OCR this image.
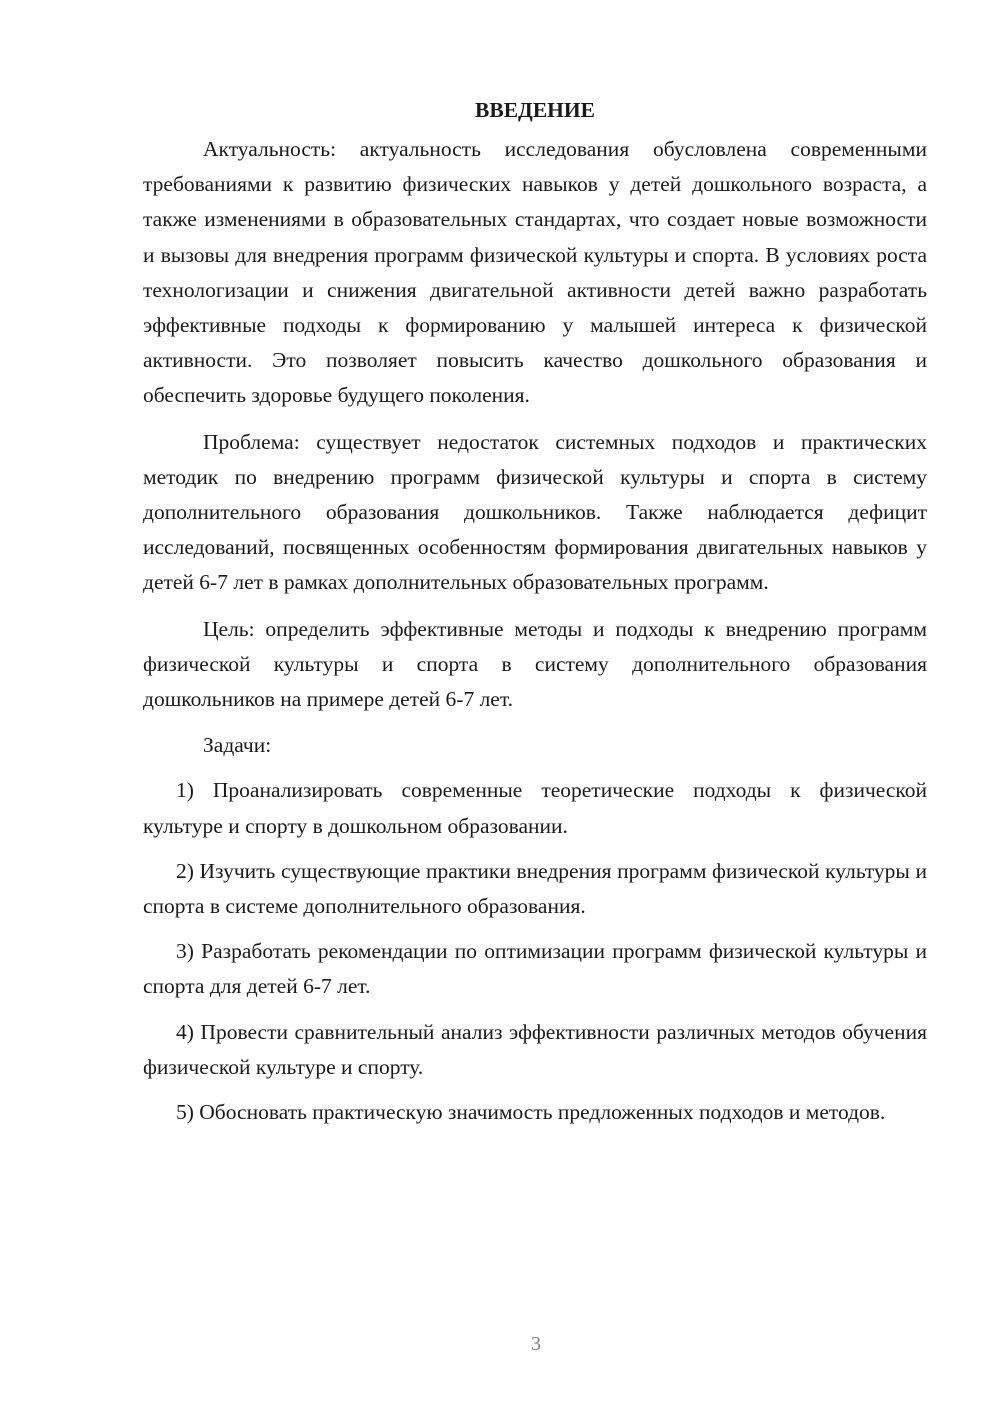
ВВЕДЕНИЕ

Актуальность: актуальность исследования обусловлена современными требованиями к развитию физических навыков у детей дошкольного возраста, а также изменениями в образовательных стандартах, что создает новые возможности и вызовы для внедрения программ физической культуры и спорта. В условиях роста технологизации и снижения двигательной активности детей важно разработать эффективные подходы к формированию у малышей интереса к физической активности. Это позволяет повысить качество дошкольного образования и обеспечить здоровье будущего поколения.

Проблема: существует недостаток системных подходов и практических методик по внедрению программ физической культуры и спорта в систему дополнительного образования дошкольников. Также наблюдается дефицит исследований, посвященных особенностям формирования двигательных навыков у детей 6-7 лет в рамках дополнительных образовательных программ.

Цель: определить эффективные методы и подходы к внедрению программ физической культуры и спорта в систему дополнительного образования дошкольников на примере детей 6-7 лет.

Задачи:

1) Проанализировать современные теоретические подходы к физической культуре и спорту в дошкольном образовании.

2) Изучить существующие практики внедрения программ физической культуры и спорта в системе дополнительного образования.

3) Разработать рекомендации по оптимизации программ физической культуры и спорта для детей 6-7 лет.

4) Провести сравнительный анализ эффективности различных методов обучения физической культуре и спорту.

5) Обосновать практическую значимость предложенных подходов и методов.

3
